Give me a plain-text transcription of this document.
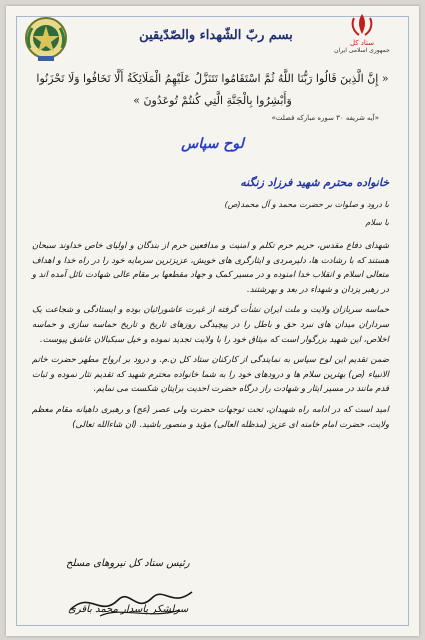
بسم ربّ الشّهداء والصّدّیقین	ستاد کل
جمهوری اسلامی ایران
« إِنَّ الَّذِينَ قَالُوا رَبُّنَا اللَّهُ ثُمَّ اسْتَقَامُوا تَتَنَزَّلُ عَلَيْهِمُ الْمَلَائِكَةُ أَلَّا تَخَافُوا وَلَا تَحْزَنُوا وَأَبْشِرُوا بِالْجَنَّةِ الَّتِي كُنتُمْ تُوعَدُونَ »
«آیه شریفه ۳۰ سوره مبارکه فصلت»
لوح سپاس
خانواده محترم شهید فرزاد زنگنه
با درود و صلوات بر حضرت محمد و آل محمد(ص)
با سلام

شهدای دفاع مقدس، حریم حرم تکلم و امنیت و مدافعین حرم از بندگان و اولیای خاص خداوند سبحان هستند که با رشادت ها، دلیرمردی و ایثارگری های خویش، عزیزترین سرمایه خود را در راه خدا و اهداف متعالی اسلام و انقلاب خدا امنوده و در مسیر کمک و جهاد مقطعها بر مقام عالی شهادت نائل آمده اند و در رهبر یزدان و شهداء در بعد و بهرشتند.

حماسه سربازان ولایت و ملت ایران نشأت گرفته از غیرت عاشورائیان بوده و ایستادگی و شجاعت یک سرداران میدان های نبرد حق و باطل را در پیچیدگی روزهای تاریخ و تاریخ حماسه سازی و حماسه اخلاص، این شهید بزرگوار است که میثاق خود را با ولایت تجدید نموده و خیل سبکبالان عاشق پیوست.

ضمن تقدیم این لوح سپاس به نمایندگی از کارکنان ستاد کل ن.م. و درود بر ارواح مطهر حضرت خاتم الانبیاء (ص) بهترین سلام ها و درودهای خود را به شما خانواده محترم شهید که تقدیم نثار نموده و ثبات قدم مانند در مسیر ایثار و شهادت راز درگاه حضرت احدیت برایتان شکست می نمایم.

امید است که در ادامه راه شهیدان، تحت توجهات حضرت ولی عصر (عج) و رهبری داهیانه مقام معظم ولایت، حضرت امام خامنه ای عزیز (مدظله العالی) مؤید و منصور باشید. (ان شاءالله تعالی)

رئیس ستاد کل نیروهای مسلح
سرلشکر پاسدار محمد باقری
